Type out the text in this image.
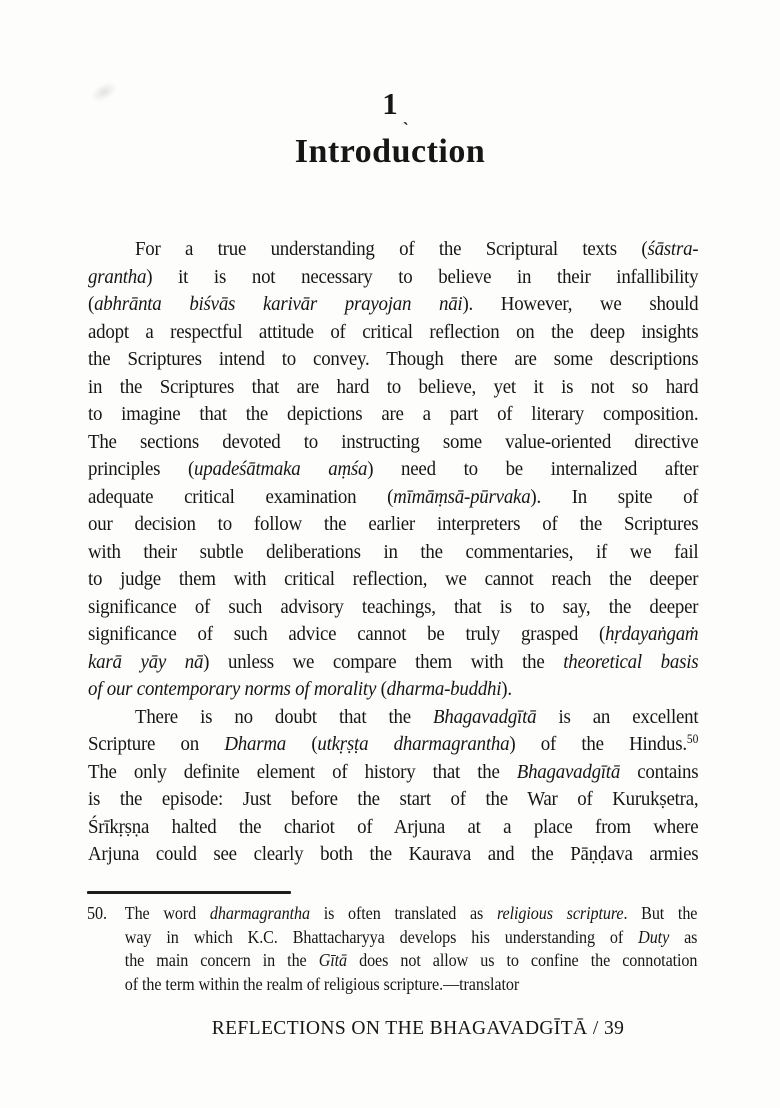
1
Introduction
ˋ
For a true understanding of the Scriptural texts (śāstra-
grantha) it is not necessary to believe in their infallibility
(abhrānta biśvās karivār prayojan nāi). However, we should
adopt a respectful attitude of critical reflection on the deep insights
the Scriptures intend to convey. Though there are some descriptions
in the Scriptures that are hard to believe, yet it is not so hard
to imagine that the depictions are a part of literary composition.
The sections devoted to instructing some value-oriented directive
principles (upadeśātmaka aṃśa) need to be internalized after
adequate critical examination (mīmāṃsā-pūrvaka). In spite of
our decision to follow the earlier interpreters of the Scriptures
with their subtle deliberations in the commentaries, if we fail
to judge them with critical reflection, we cannot reach the deeper
significance of such advisory teachings, that is to say, the deeper
significance of such advice cannot be truly grasped (hṛdayaṅgaṁ
karā yāy nā) unless we compare them with the theoretical basis
of our contemporary norms of morality (dharma-buddhi).
There is no doubt that the Bhagavadgītā is an excellent
Scripture on Dharma (utkṛṣṭa dharmagrantha) of the Hindus.$^{50}$
The only definite element of history that the Bhagavadgītā contains
is the episode: Just before the start of the War of Kurukṣetra,
Śrīkṛṣṇa halted the chariot of Arjuna at a place from where
Arjuna could see clearly both the Kaurava and the Pāṇḍava armies
50.	The word dharmagrantha is often translated as religious scripture. But the
way in which K.C. Bhattacharyya develops his understanding of Duty as
the main concern in the Gītā does not allow us to confine the connotation
of the term within the realm of religious scripture.—translator
REFLECTIONS ON THE BHAGAVADGĪTĀ / 39
